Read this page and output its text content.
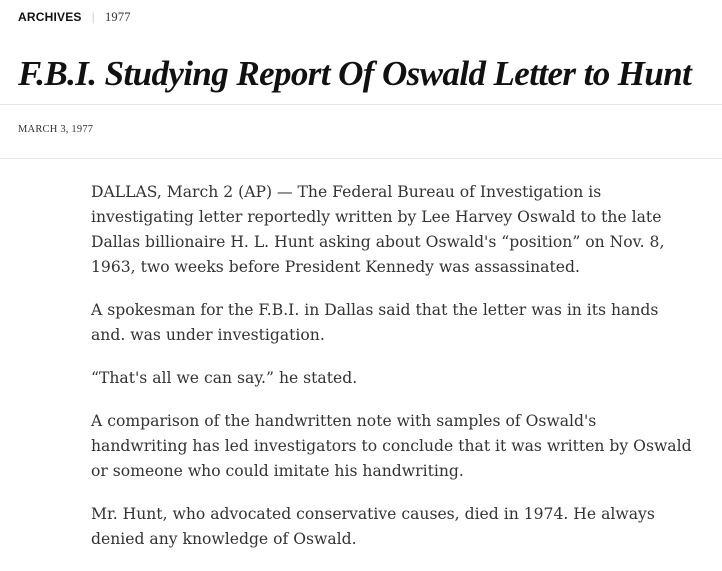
ARCHIVES | 1977
F.B.I. Studying Report Of Oswald Letter to Hunt
MARCH 3, 1977

DALLAS, March 2 (AP) — The Federal Bureau of Investigation is
investigating letter reportedly written by Lee Harvey Oswald to the late
Dallas billionaire H. L. Hunt asking about Oswald's “position” on Nov. 8,
1963, two weeks before President Kennedy was assassinated.

A spokesman for the F.B.I. in Dallas said that the letter was in its hands
and. was under investigation.

“That's all we can say.” he stated.

A comparison of the handwritten note with samples of Oswald's
handwriting has led investigators to conclude that it was written by Oswald
or someone who could imitate his handwriting.

Mr. Hunt, who advocated conservative causes, died in 1974. He always
denied any knowledge of Oswald.
